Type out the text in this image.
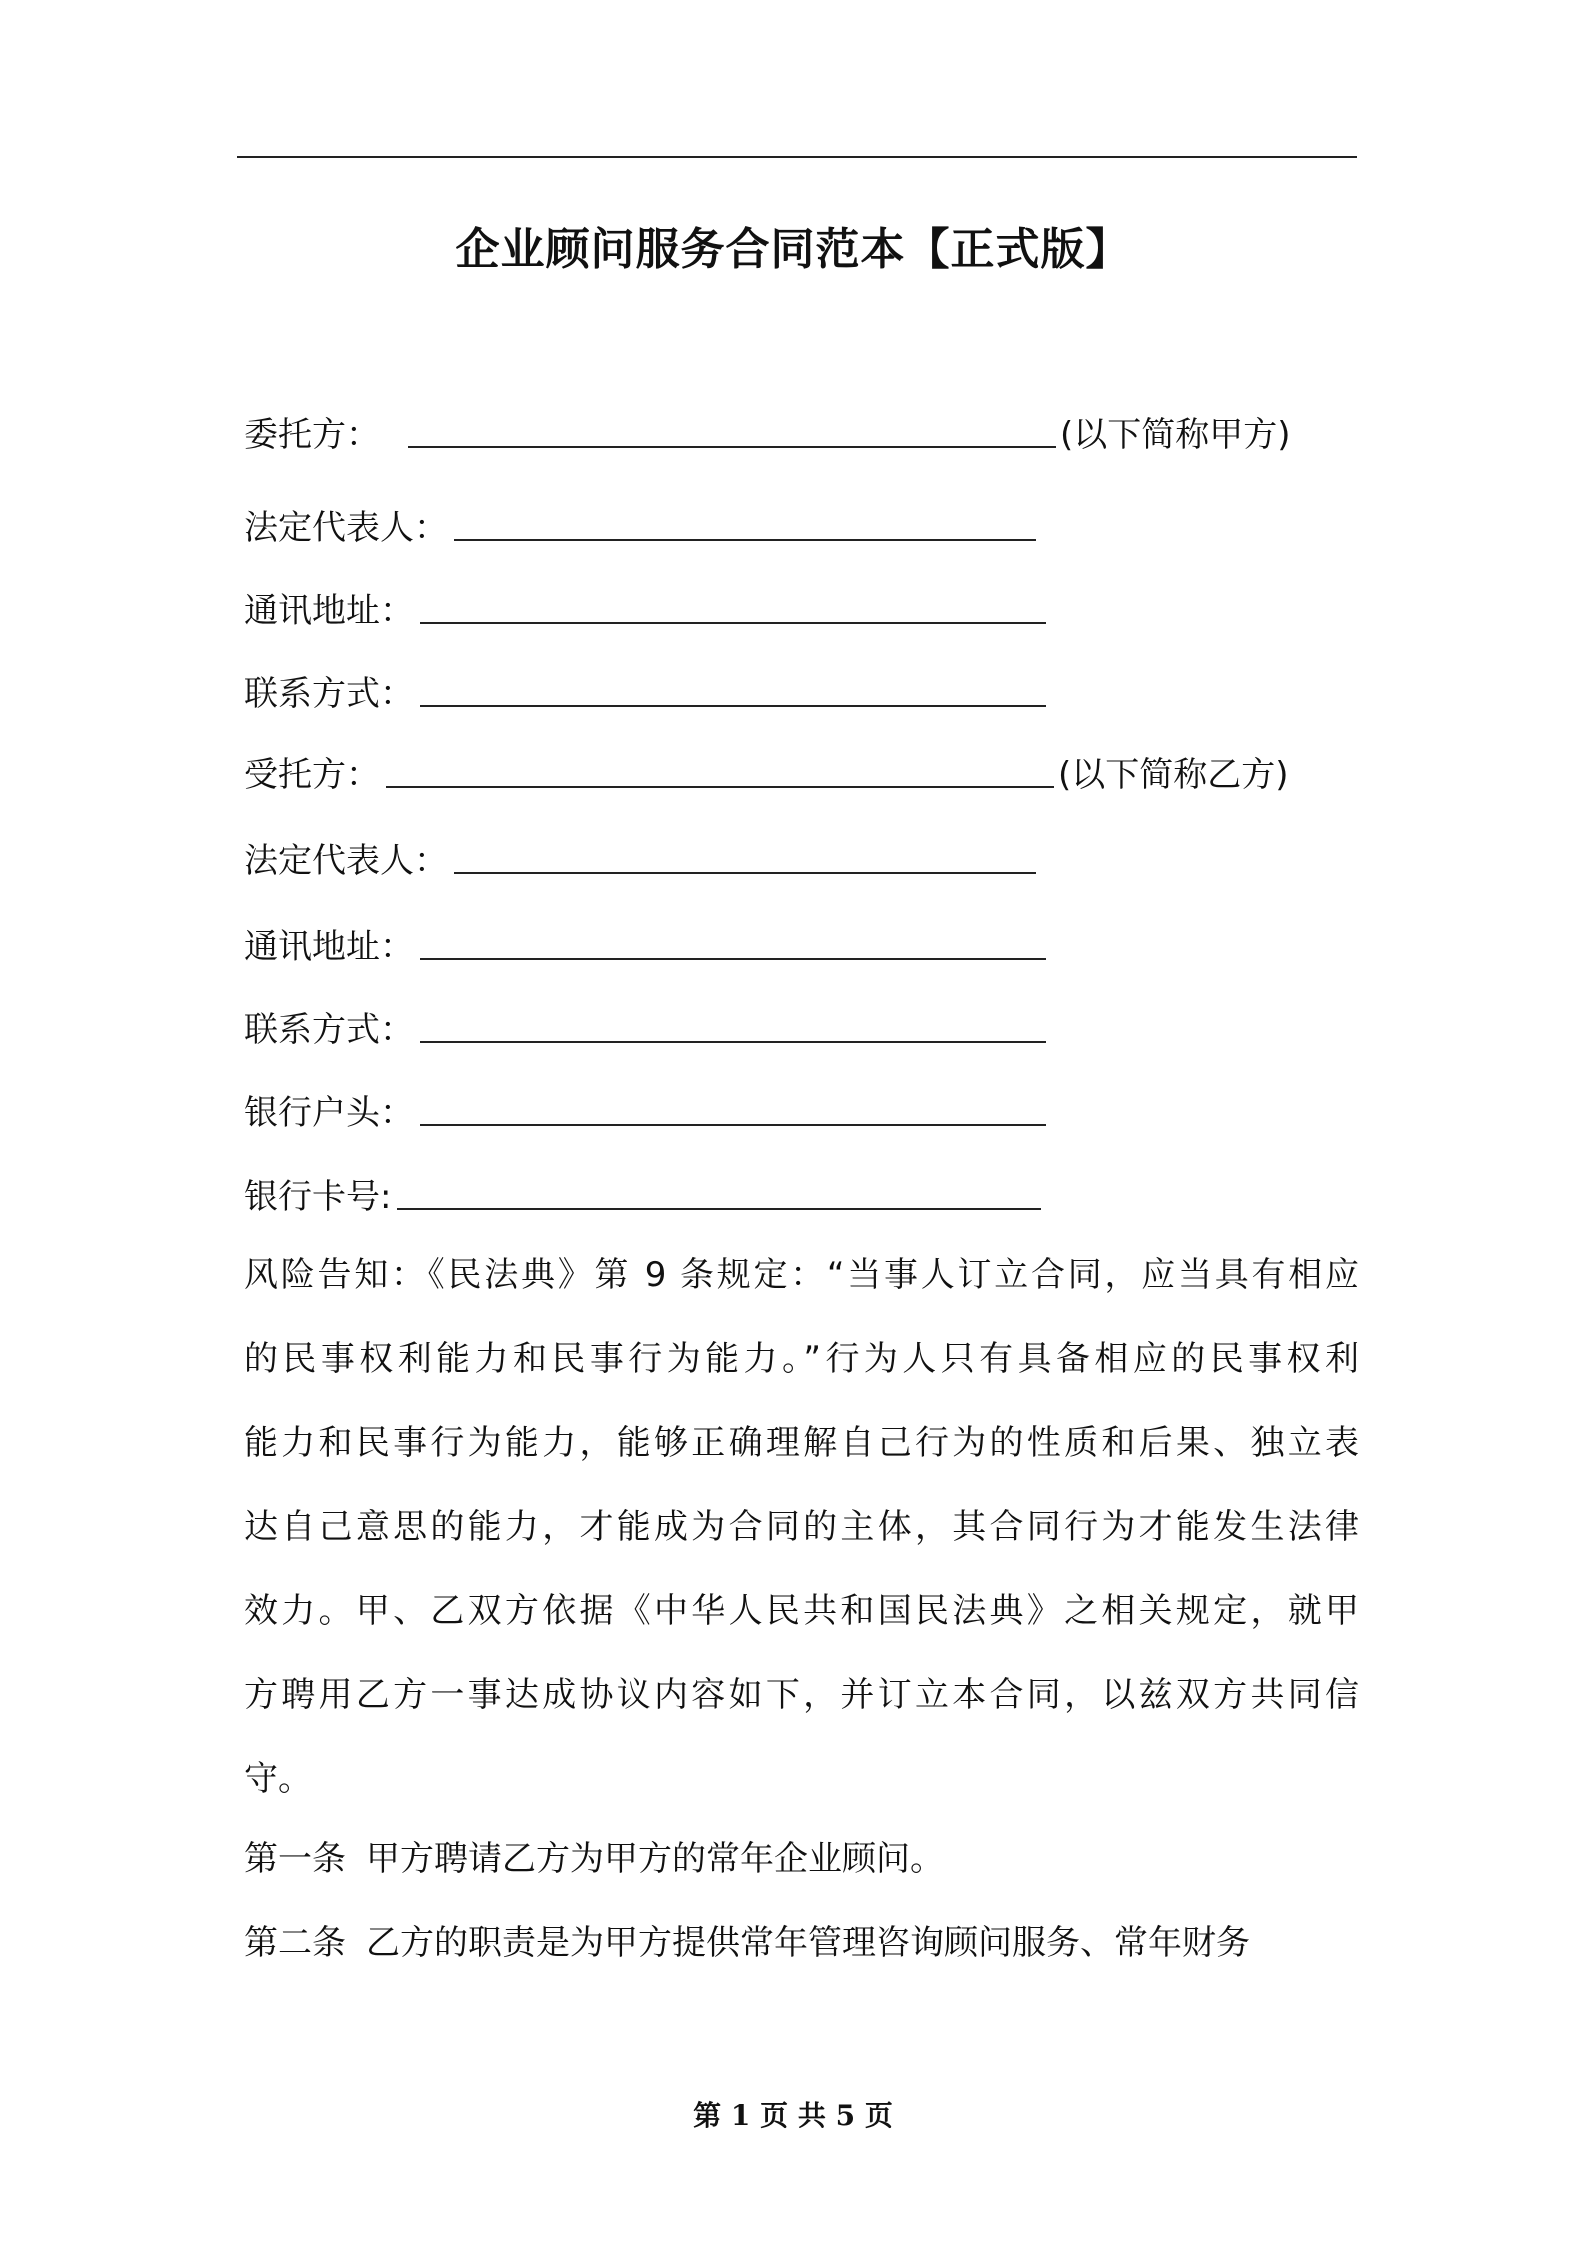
企业顾问服务合同范本【正式版】
委托方：	(以下简称甲方)
法定代表人：
通讯地址：
联系方式：
受托方：	(以下简称乙方)
法定代表人：
通讯地址：
联系方式：
银行户头：
银行卡号:
风险告知：《民法典》第 9 条规定：“当事人订立合同，应当具有相应
的民事权利能力和民事行为能力。”行为人只有具备相应的民事权利
能力和民事行为能力，能够正确理解自己行为的性质和后果、独立表
达自己意思的能力，才能成为合同的主体，其合同行为才能发生法律
效力。甲、乙双方依据《中华人民共和国民法典》之相关规定，就甲
方聘用乙方一事达成协议内容如下，并订立本合同，以兹双方共同信
守。
第一条 甲方聘请乙方为甲方的常年企业顾问。
第二条 乙方的职责是为甲方提供常年管理咨询顾问服务、常年财务
第 1 页 共 5 页
